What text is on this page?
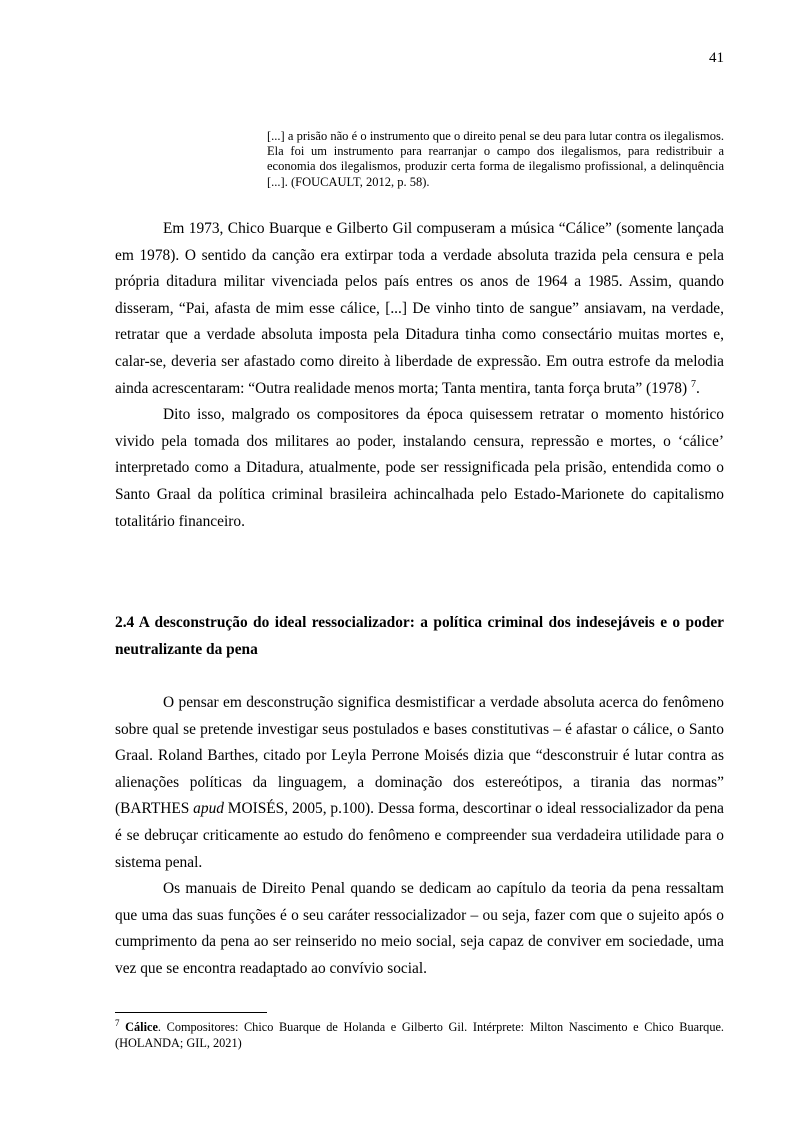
41
[...] a prisão não é o instrumento que o direito penal se deu para lutar contra os ilegalismos. Ela foi um instrumento para rearranjar o campo dos ilegalismos, para redistribuir a economia dos ilegalismos, produzir certa forma de ilegalismo profissional, a delinquência [...]. (FOUCAULT, 2012, p. 58).

Em 1973, Chico Buarque e Gilberto Gil compuseram a música “Cálice” (somente lançada em 1978). O sentido da canção era extirpar toda a verdade absoluta trazida pela censura e pela própria ditadura militar vivenciada pelos país entres os anos de 1964 a 1985. Assim, quando disseram, “Pai, afasta de mim esse cálice, [...] De vinho tinto de sangue” ansiavam, na verdade, retratar que a verdade absoluta imposta pela Ditadura tinha como consectário muitas mortes e, calar-se, deveria ser afastado como direito à liberdade de expressão. Em outra estrofe da melodia ainda acrescentaram: “Outra realidade menos morta; Tanta mentira, tanta força bruta” (1978) $^7$.

Dito isso, malgrado os compositores da época quisessem retratar o momento histórico vivido pela tomada dos militares ao poder, instalando censura, repressão e mortes, o ‘cálice’ interpretado como a Ditadura, atualmente, pode ser ressignificada pela prisão, entendida como o Santo Graal da política criminal brasileira achincalhada pelo Estado-Marionete do capitalismo totalitário financeiro.

2.4 A desconstrução do ideal ressocializador: a política criminal dos indesejáveis e o poder neutralizante da pena

O pensar em desconstrução significa desmistificar a verdade absoluta acerca do fenômeno sobre qual se pretende investigar seus postulados e bases constitutivas – é afastar o cálice, o Santo Graal. Roland Barthes, citado por Leyla Perrone Moisés dizia que “desconstruir é lutar contra as alienações políticas da linguagem, a dominação dos estereótipos, a tirania das normas” (BARTHES apud MOISÉS, 2005, p.100). Dessa forma, descortinar o ideal ressocializador da pena é se debruçar criticamente ao estudo do fenômeno e compreender sua verdadeira utilidade para o sistema penal.

Os manuais de Direito Penal quando se dedicam ao capítulo da teoria da pena ressaltam que uma das suas funções é o seu caráter ressocializador – ou seja, fazer com que o sujeito após o cumprimento da pena ao ser reinserido no meio social, seja capaz de conviver em sociedade, uma vez que se encontra readaptado ao convívio social.

$^7$ Cálice. Compositores: Chico Buarque de Holanda e Gilberto Gil. Intérprete: Milton Nascimento e Chico Buarque. (HOLANDA; GIL, 2021)
